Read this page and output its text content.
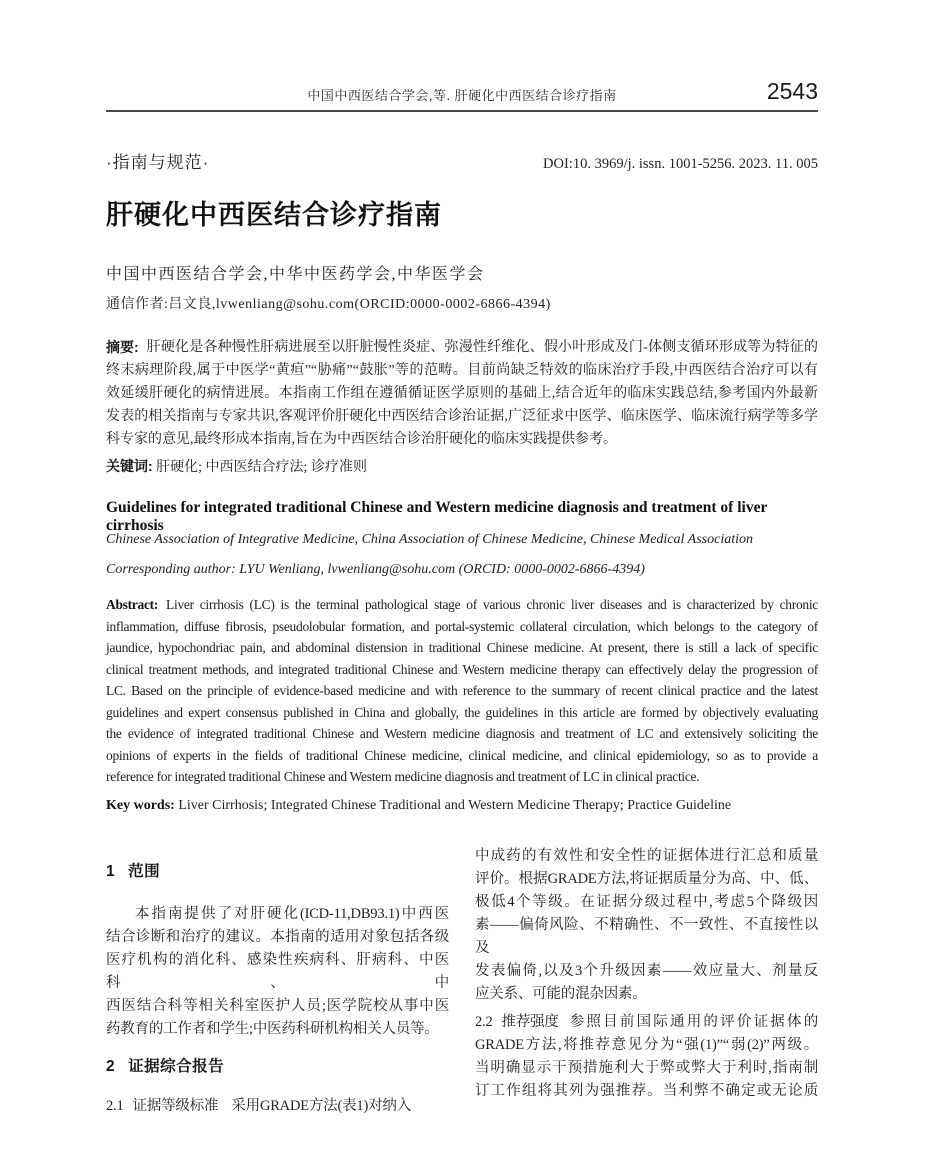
中国中西医结合学会,等. 肝硬化中西医结合诊疗指南	2543
·指南与规范·	DOI:10. 3969/j. issn. 1001-5256. 2023. 11. 005
肝硬化中西医结合诊疗指南
中国中西医结合学会,中华中医药学会,中华医学会
通信作者:吕文良,lvwenliang@sohu.com(ORCID:0000-0002-6866-4394)
摘要: 肝硬化是各种慢性肝病进展至以肝脏慢性炎症、弥漫性纤维化、假小叶形成及门-体侧支循环形成等为特征的
终末病理阶段,属于中医学“黄疸”“胁痛”“鼓胀”等的范畴。目前尚缺乏特效的临床治疗手段,中西医结合治疗可以有
效延缓肝硬化的病情进展。本指南工作组在遵循循证医学原则的基础上,结合近年的临床实践总结,参考国内外最新
发表的相关指南与专家共识,客观评价肝硬化中西医结合诊治证据,广泛征求中医学、临床医学、临床流行病学等多学
科专家的意见,最终形成本指南,旨在为中西医结合诊治肝硬化的临床实践提供参考。
关键词: 肝硬化; 中西医结合疗法; 诊疗准则
Guidelines for integrated traditional Chinese and Western medicine diagnosis and treatment of liver cirrhosis
Chinese Association of Integrative Medicine, China Association of Chinese Medicine, Chinese Medical Association
Corresponding author: LYU Wenliang, lvwenliang@sohu.com (ORCID: 0000-0002-6866-4394)
Abstract: Liver cirrhosis (LC) is the terminal pathological stage of various chronic liver diseases and is characterized by chronic
inflammation, diffuse fibrosis, pseudolobular formation, and portal-systemic collateral circulation, which belongs to the category of
jaundice, hypochondriac pain, and abdominal distension in traditional Chinese medicine. At present, there is still a lack of specific
clinical treatment methods, and integrated traditional Chinese and Western medicine therapy can effectively delay the progression of
LC. Based on the principle of evidence-based medicine and with reference to the summary of recent clinical practice and the latest
guidelines and expert consensus published in China and globally, the guidelines in this article are formed by objectively evaluating
the evidence of integrated traditional Chinese and Western medicine diagnosis and treatment of LC and extensively soliciting the
opinions of experts in the fields of traditional Chinese medicine, clinical medicine, and clinical epidemiology, so as to provide a
reference for integrated traditional Chinese and Western medicine diagnosis and treatment of LC in clinical practice.
Key words: Liver Cirrhosis; Integrated Chinese Traditional and Western Medicine Therapy; Practice Guideline
1 范围
本指南提供了对肝硬化(ICD-11,DB93.1)中西医
结合诊断和治疗的建议。本指南的适用对象包括各级
医疗机构的消化科、感染性疾病科、肝病科、中医科、中
西医结合科等相关科室医护人员;医学院校从事中医
药教育的工作者和学生;中医药科研机构相关人员等。
2 证据综合报告
2.1 证据等级标准 采用GRADE方法(表1)对纳入
中成药的有效性和安全性的证据体进行汇总和质量
评价。根据GRADE方法,将证据质量分为高、中、低、
极低4个等级。在证据分级过程中,考虑5个降级因
素——偏倚风险、不精确性、不一致性、不直接性以及
发表偏倚,以及3个升级因素——效应量大、剂量反
应关系、可能的混杂因素。
2.2 推荐强度 参照目前国际通用的评价证据体的
GRADE方法,将推荐意见分为“强(1)”“弱(2)”两级。
当明确显示干预措施利大于弊或弊大于利时,指南制
订工作组将其列为强推荐。当利弊不确定或无论质
